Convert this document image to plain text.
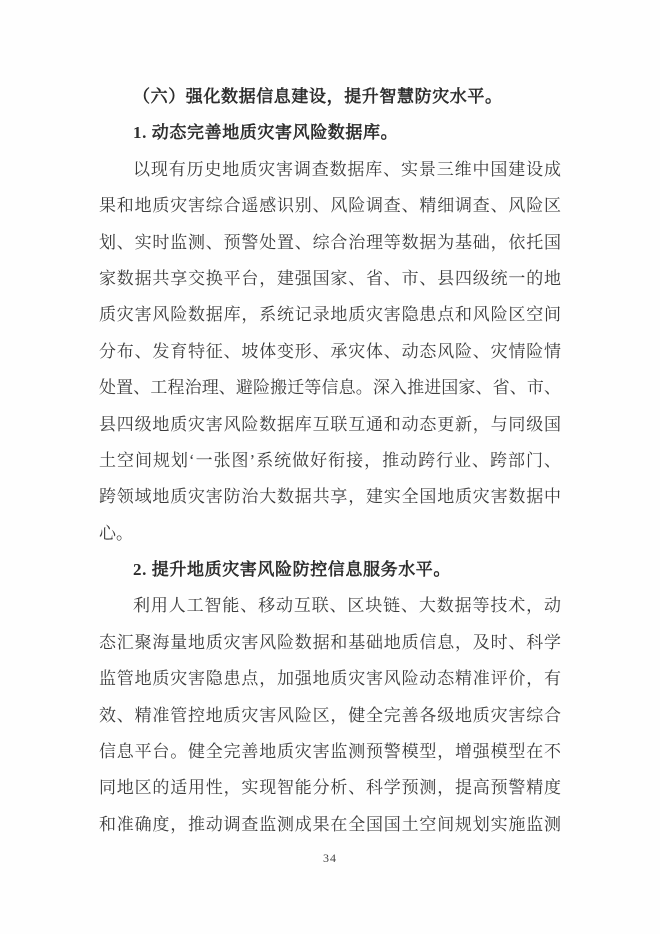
（六）强化数据信息建设，提升智慧防灾水平。
1. 动态完善地质灾害风险数据库。
以现有历史地质灾害调查数据库、实景三维中国建设成
果和地质灾害综合遥感识别、风险调查、精细调查、风险区
划、实时监测、预警处置、综合治理等数据为基础，依托国
家数据共享交换平台，建强国家、省、市、县四级统一的地
质灾害风险数据库，系统记录地质灾害隐患点和风险区空间
分布、发育特征、坡体变形、承灾体、动态风险、灾情险情
处置、工程治理、避险搬迁等信息。深入推进国家、省、市、
县四级地质灾害风险数据库互联互通和动态更新，与同级国
土空间规划‘一张图’系统做好衔接，推动跨行业、跨部门、
跨领域地质灾害防治大数据共享，建实全国地质灾害数据中
心。
2. 提升地质灾害风险防控信息服务水平。
利用人工智能、移动互联、区块链、大数据等技术，动
态汇聚海量地质灾害风险数据和基础地质信息，及时、科学
监管地质灾害隐患点，加强地质灾害风险动态精准评价，有
效、精准管控地质灾害风险区，健全完善各级地质灾害综合
信息平台。健全完善地质灾害监测预警模型，增强模型在不
同地区的适用性，实现智能分析、科学预测，提高预警精度
和准确度，推动调查监测成果在全国国土空间规划实施监测
34
